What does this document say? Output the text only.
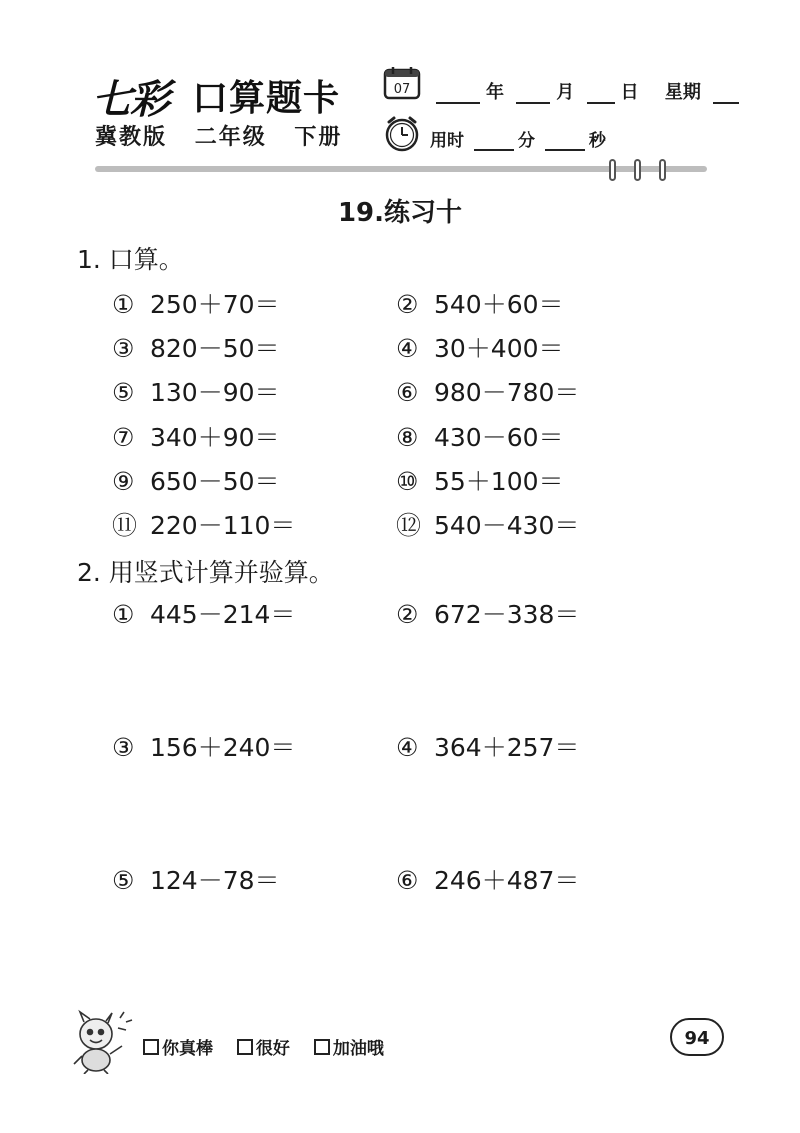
七彩 口算题卡
冀教版 二年级 下册
07	年	月	日 星期
用时	分	秒
19.练习十
1. 口算。
① 250＋70＝	② 540＋60＝
③ 820－50＝	④ 30＋400＝
⑤ 130－90＝	⑥ 980－780＝
⑦ 340＋90＝	⑧ 430－60＝
⑨ 650－50＝	⑩ 55＋100＝
⑪ 220－110＝	⑫ 540－430＝
2. 用竖式计算并验算。
① 445－214＝	② 672－338＝
③ 156＋240＝	④ 364＋257＝
⑤ 124－78＝	⑥ 246＋487＝
你真棒	很好	加油哦	94
